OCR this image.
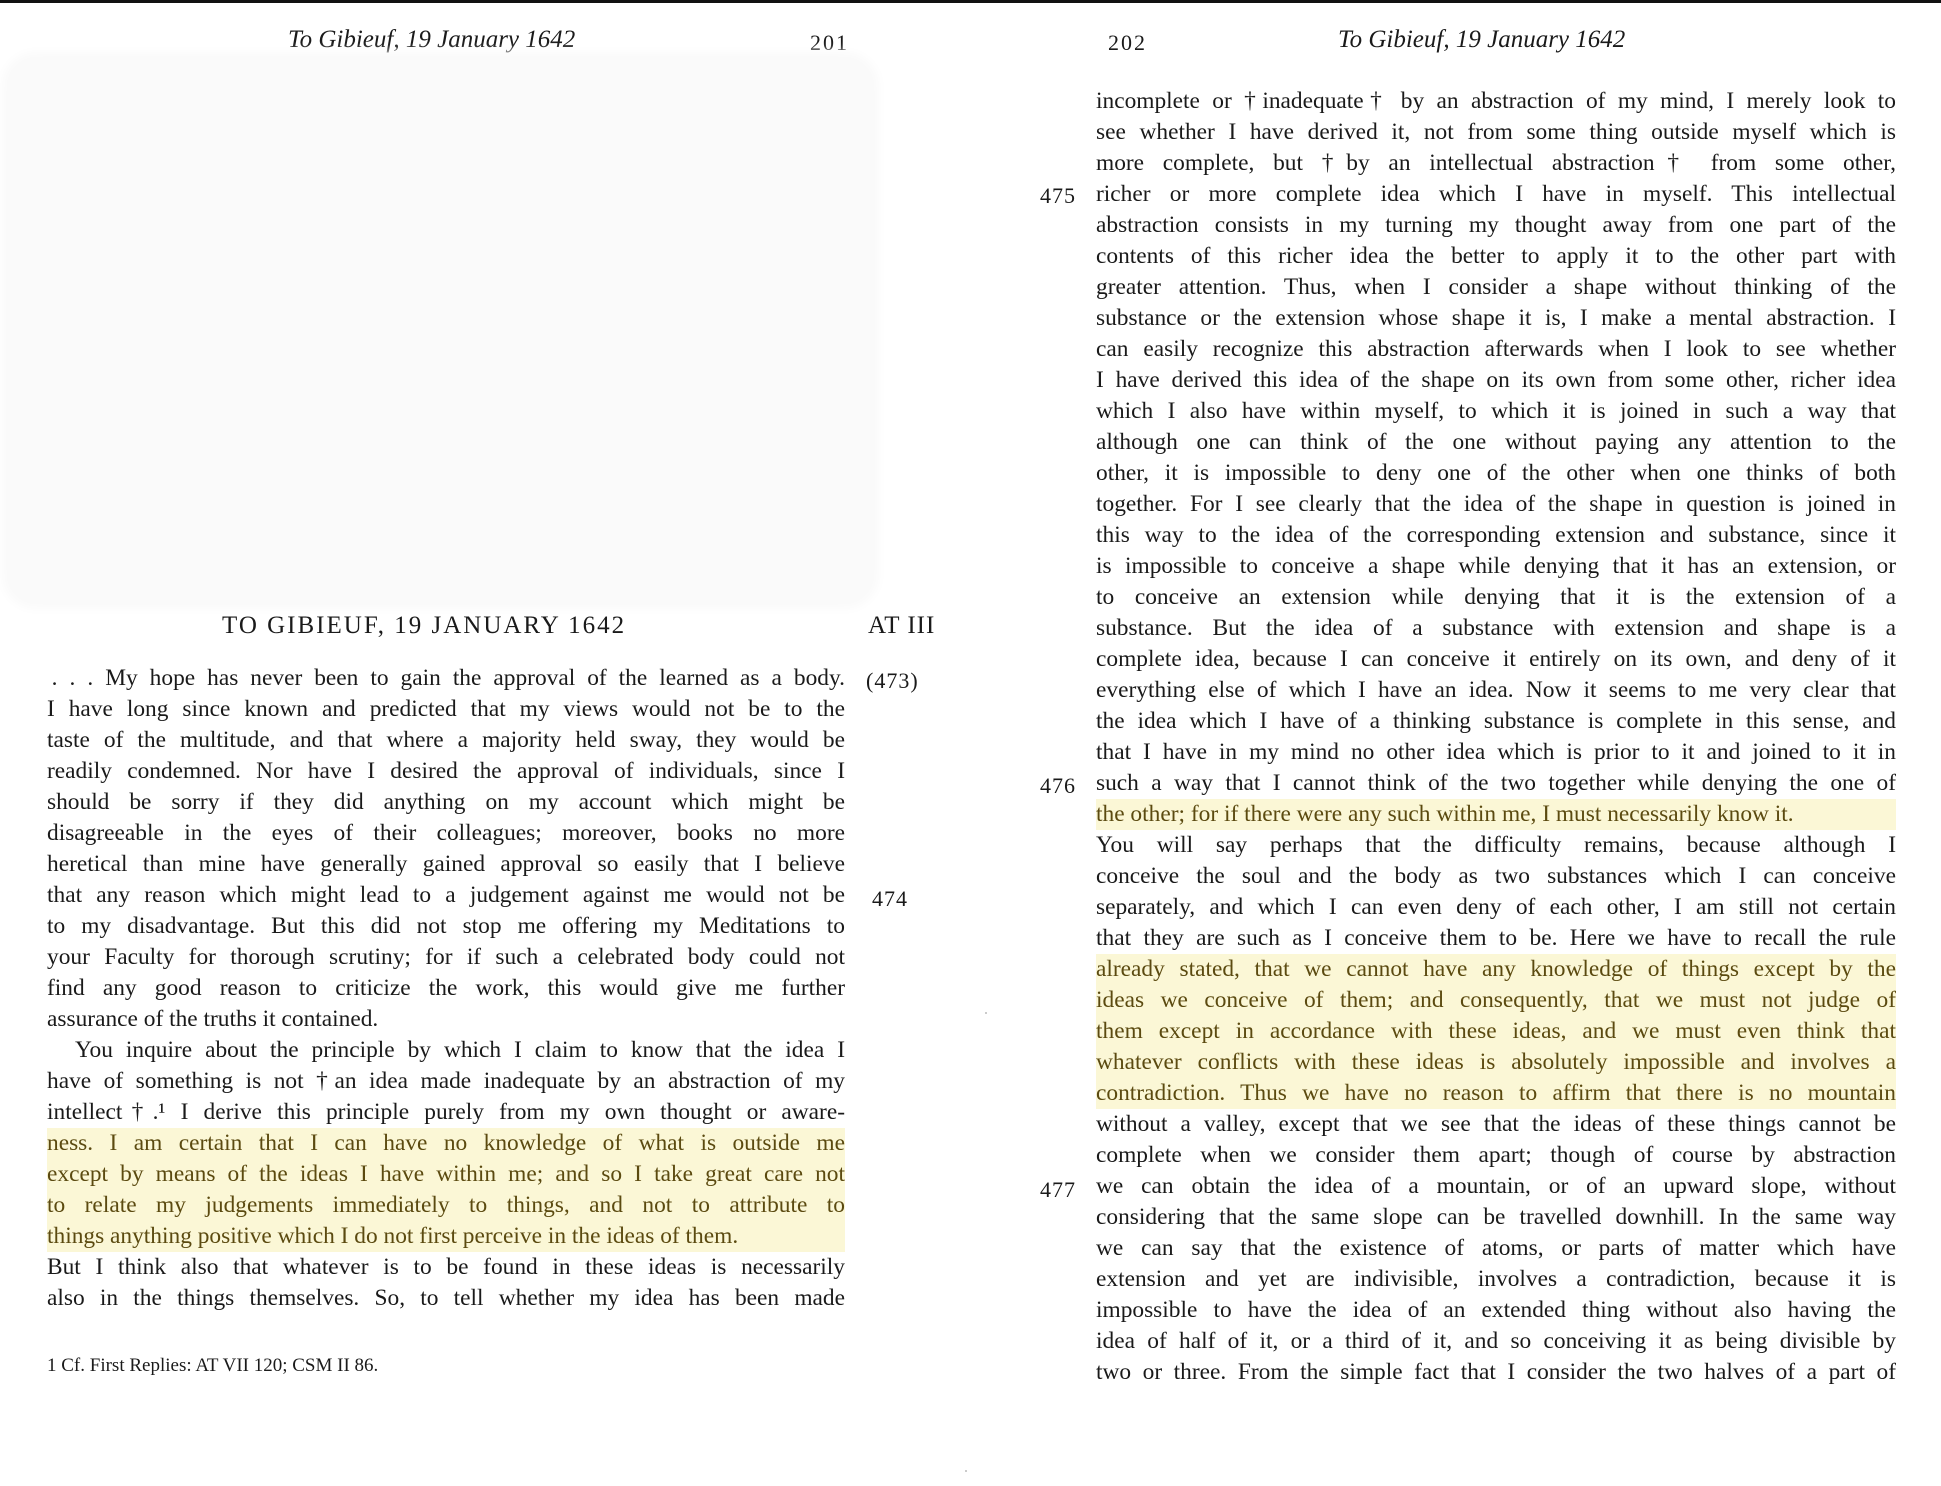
To Gibieuf, 19 January 1642	201
TO GIBIEUF, 19 JANUARY 1642	AT III
(473)
474
 . . . My hope has never been to gain the approval of the learned as a body.
I have long since known and predicted that my views would not be to the
taste of the multitude, and that where a majority held sway, they would be
readily condemned. Nor have I desired the approval of individuals, since I
should be sorry if they did anything on my account which might be
disagreeable in the eyes of their colleagues; moreover, books no more
heretical than mine have generally gained approval so easily that I believe
that any reason which might lead to a judgement against me would not be
to my disadvantage. But this did not stop me offering my Meditations to
your Faculty for thorough scrutiny; for if such a celebrated body could not
find any good reason to criticize the work, this would give me further
assurance of the truths it contained.
You inquire about the principle by which I claim to know that the idea I
have of something is not †an idea made inadequate by an abstraction of my
intellect†.¹ I derive this principle purely from my own thought or aware-
ness. I am certain that I can have no knowledge of what is outside me
except by means of the ideas I have within me; and so I take great care not
to relate my judgements immediately to things, and not to attribute to
things anything positive which I do not first perceive in the ideas of them.
But I think also that whatever is to be found in these ideas is necessarily
also in the things themselves. So, to tell whether my idea has been made
1 Cf. First Replies: AT VII 120; CSM II 86.
202	To Gibieuf, 19 January 1642
475
476
477
incomplete or †inadequate† by an abstraction of my mind, I merely look to
see whether I have derived it, not from some thing outside myself which is
more complete, but †by an intellectual abstraction† from some other,
richer or more complete idea which I have in myself. This intellectual
abstraction consists in my turning my thought away from one part of the
contents of this richer idea the better to apply it to the other part with
greater attention. Thus, when I consider a shape without thinking of the
substance or the extension whose shape it is, I make a mental abstraction. I
can easily recognize this abstraction afterwards when I look to see whether
I have derived this idea of the shape on its own from some other, richer idea
which I also have within myself, to which it is joined in such a way that
although one can think of the one without paying any attention to the
other, it is impossible to deny one of the other when one thinks of both
together. For I see clearly that the idea of the shape in question is joined in
this way to the idea of the corresponding extension and substance, since it
is impossible to conceive a shape while denying that it has an extension, or
to conceive an extension while denying that it is the extension of a
substance. But the idea of a substance with extension and shape is a
complete idea, because I can conceive it entirely on its own, and deny of it
everything else of which I have an idea. Now it seems to me very clear that
the idea which I have of a thinking substance is complete in this sense, and
that I have in my mind no other idea which is prior to it and joined to it in
such a way that I cannot think of the two together while denying the one of
the other; for if there were any such within me, I must necessarily know it.
You will say perhaps that the difficulty remains, because although I
conceive the soul and the body as two substances which I can conceive
separately, and which I can even deny of each other, I am still not certain
that they are such as I conceive them to be. Here we have to recall the rule
already stated, that we cannot have any knowledge of things except by the
ideas we conceive of them; and consequently, that we must not judge of
them except in accordance with these ideas, and we must even think that
whatever conflicts with these ideas is absolutely impossible and involves a
contradiction. Thus we have no reason to affirm that there is no mountain
without a valley, except that we see that the ideas of these things cannot be
complete when we consider them apart; though of course by abstraction
we can obtain the idea of a mountain, or of an upward slope, without
considering that the same slope can be travelled downhill. In the same way
we can say that the existence of atoms, or parts of matter which have
extension and yet are indivisible, involves a contradiction, because it is
impossible to have the idea of an extended thing without also having the
idea of half of it, or a third of it, and so conceiving it as being divisible by
two or three. From the simple fact that I consider the two halves of a part of
